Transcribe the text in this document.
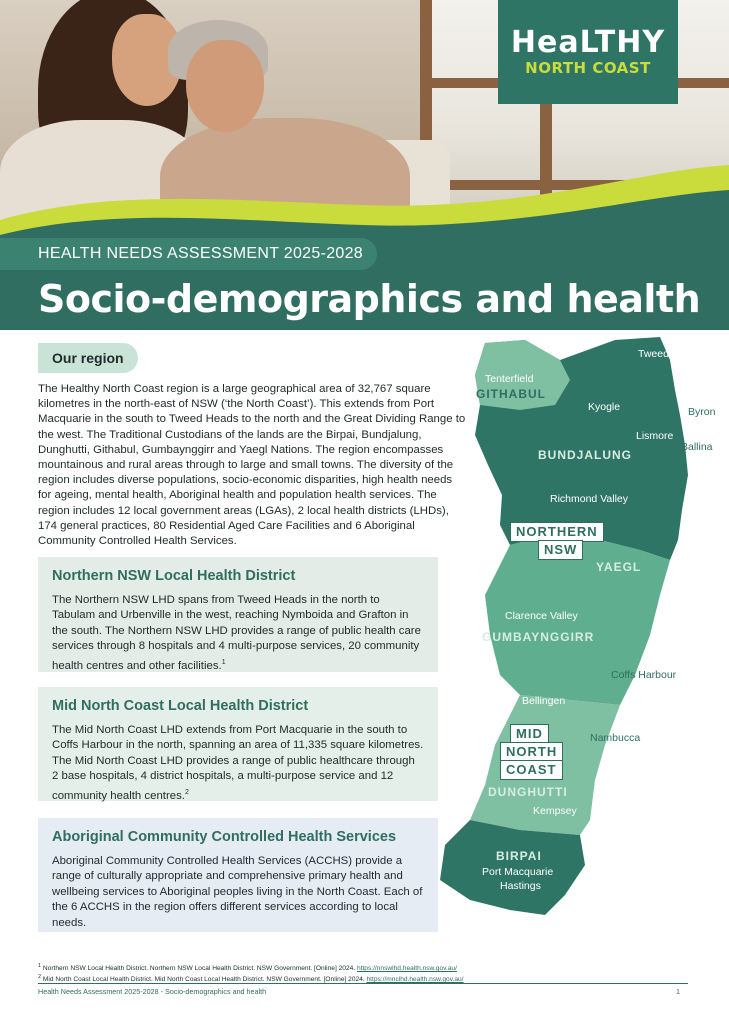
HeaLTHY
NORTH COAST
HEALTH NEEDS ASSESSMENT 2025-2028
Socio-demographics and health
Our region

The Healthy North Coast region is a large geographical area of 32,767 square kilometres in the north-east of NSW (‘the North Coast’). This extends from Port Macquarie in the south to Tweed Heads to the north and the Great Dividing Range to the west. The Traditional Custodians of the lands are the Birpai, Bundjalung, Dunghutti, Githabul, Gumbaynggirr and Yaegl Nations. The region encompasses mountainous and rural areas through to large and small towns. The diversity of the region includes diverse populations, socio-economic disparities, high health needs for ageing, mental health, Aboriginal health and population health services. The region includes 12 local government areas (LGAs), 2 local health districts (LHDs), 174 general practices, 80 Residential Aged Care Facilities and 6 Aboriginal Community Controlled Health Services.

Northern NSW Local Health District

The Northern NSW LHD spans from Tweed Heads in the north to Tabulam and Urbenville in the west, reaching Nymboida and Grafton in the south. The Northern NSW LHD provides a range of public health care services through 8 hospitals and 4 multi-purpose services, 20 community health centres and other facilities.$^1$

Mid North Coast Local Health District

The Mid North Coast LHD extends from Port Macquarie in the south to Coffs Harbour in the north, spanning an area of 11,335 square kilometres. The Mid North Coast LHD provides a range of public healthcare through 2 base hospitals, 4 district hospitals, a multi-purpose service and 12 community health centres.$^2$

Aboriginal Community Controlled Health Services

Aboriginal Community Controlled Health Services (ACCHS) provide a range of culturally appropriate and comprehensive primary health and wellbeing services to Aboriginal peoples living in the North Coast. Each of the 6 ACCHS in the region offers different services according to local needs.

Tweed
Tenterfield
GITHABUL
Kyogle	Byron
Lismore
Ballina
BUNDJALUNG
Richmond Valley
NORTHERN
NSW
YAEGL
Clarence Valley
GUMBAYNGGIRR
Coffs Harbour
Bellingen
MID	Nambucca
NORTH
COAST
DUNGHUTTI
Kempsey
BIRPAI
Port Macquarie
Hastings
$^1$ Northern NSW Local Health District. Northern NSW Local Health District. NSW Government. [Online] 2024. https://nnswlhd.health.nsw.gov.au/
$^2$ Mid North Coast Local Health District. Mid North Coast Local Health District. NSW Government. [Online] 2024. https://mnclhd.health.nsw.gov.au/
Health Needs Assessment 2025-2028 - Socio-demographics and health	1
